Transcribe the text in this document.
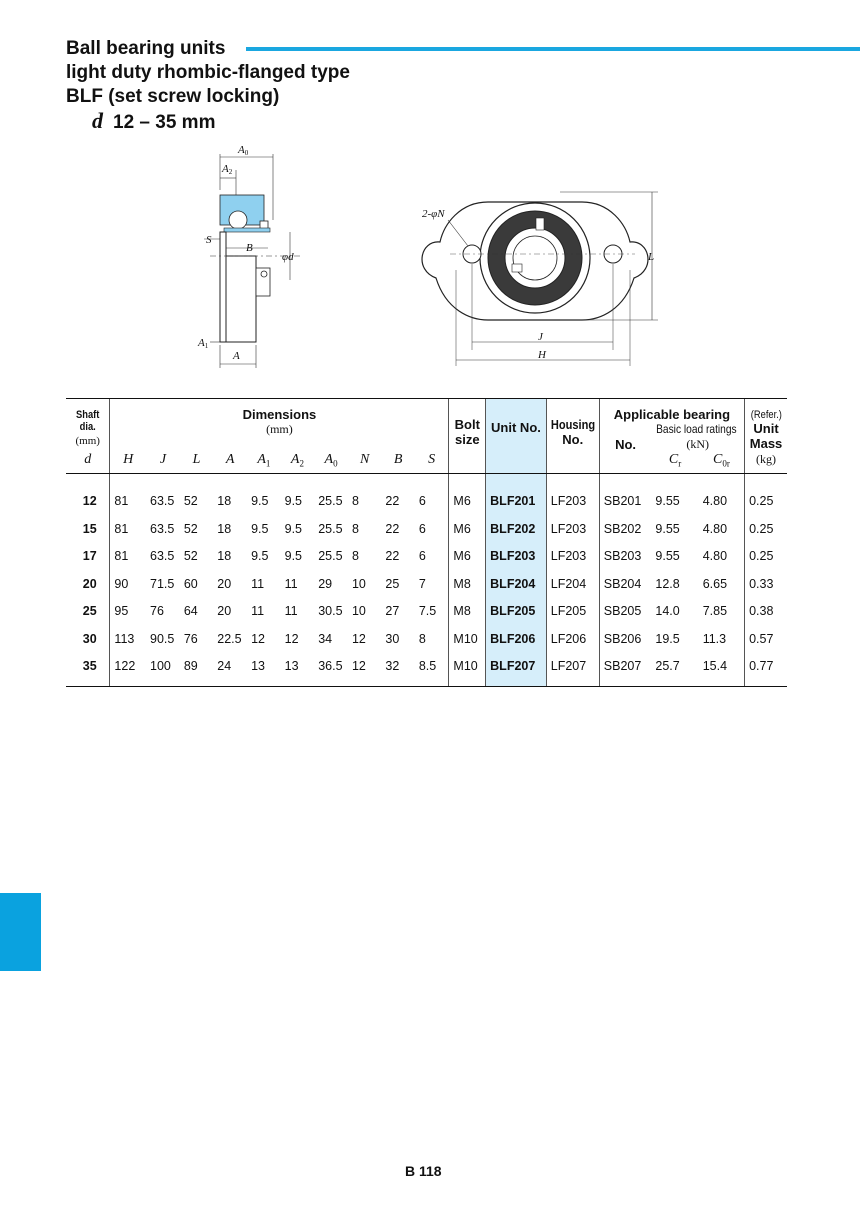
Ball bearing units
light duty rhombic-flanged type
BLF (set screw locking)
d 12 – 35 mm
A0
A2
S
B
φd
A1
A
2-φN
L
J
H
Shaft dia.
(mm)	Dimensions
(mm)										Bolt
size	Unit No.	Housing
No.	Applicable bearing
Basic load ratings			(Refer.)
Unit
Mass
														No.	(kN)		
d	H	J	L	A	$A_1$	$A_2$	$A_0$	N	B	S					$C_r$	$C_{0r}$	(kg)
12	81	63.5	52	18	9.5	9.5	25.5	8	22	6	M6	BLF201	LF203	SB201	9.55	4.80	0.25
15	81	63.5	52	18	9.5	9.5	25.5	8	22	6	M6	BLF202	LF203	SB202	9.55	4.80	0.25
17	81	63.5	52	18	9.5	9.5	25.5	8	22	6	M6	BLF203	LF203	SB203	9.55	4.80	0.25
20	90	71.5	60	20	11	11	29	10	25	7	M8	BLF204	LF204	SB204	12.8	6.65	0.33
25	95	76	64	20	11	11	30.5	10	27	7.5	M8	BLF205	LF205	SB205	14.0	7.85	0.38
30	113	90.5	76	22.5	12	12	34	12	30	8	M10	BLF206	LF206	SB206	19.5	11.3	0.57
35	122	100	89	24	13	13	36.5	12	32	8.5	M10	BLF207	LF207	SB207	25.7	15.4	0.77
B 118
